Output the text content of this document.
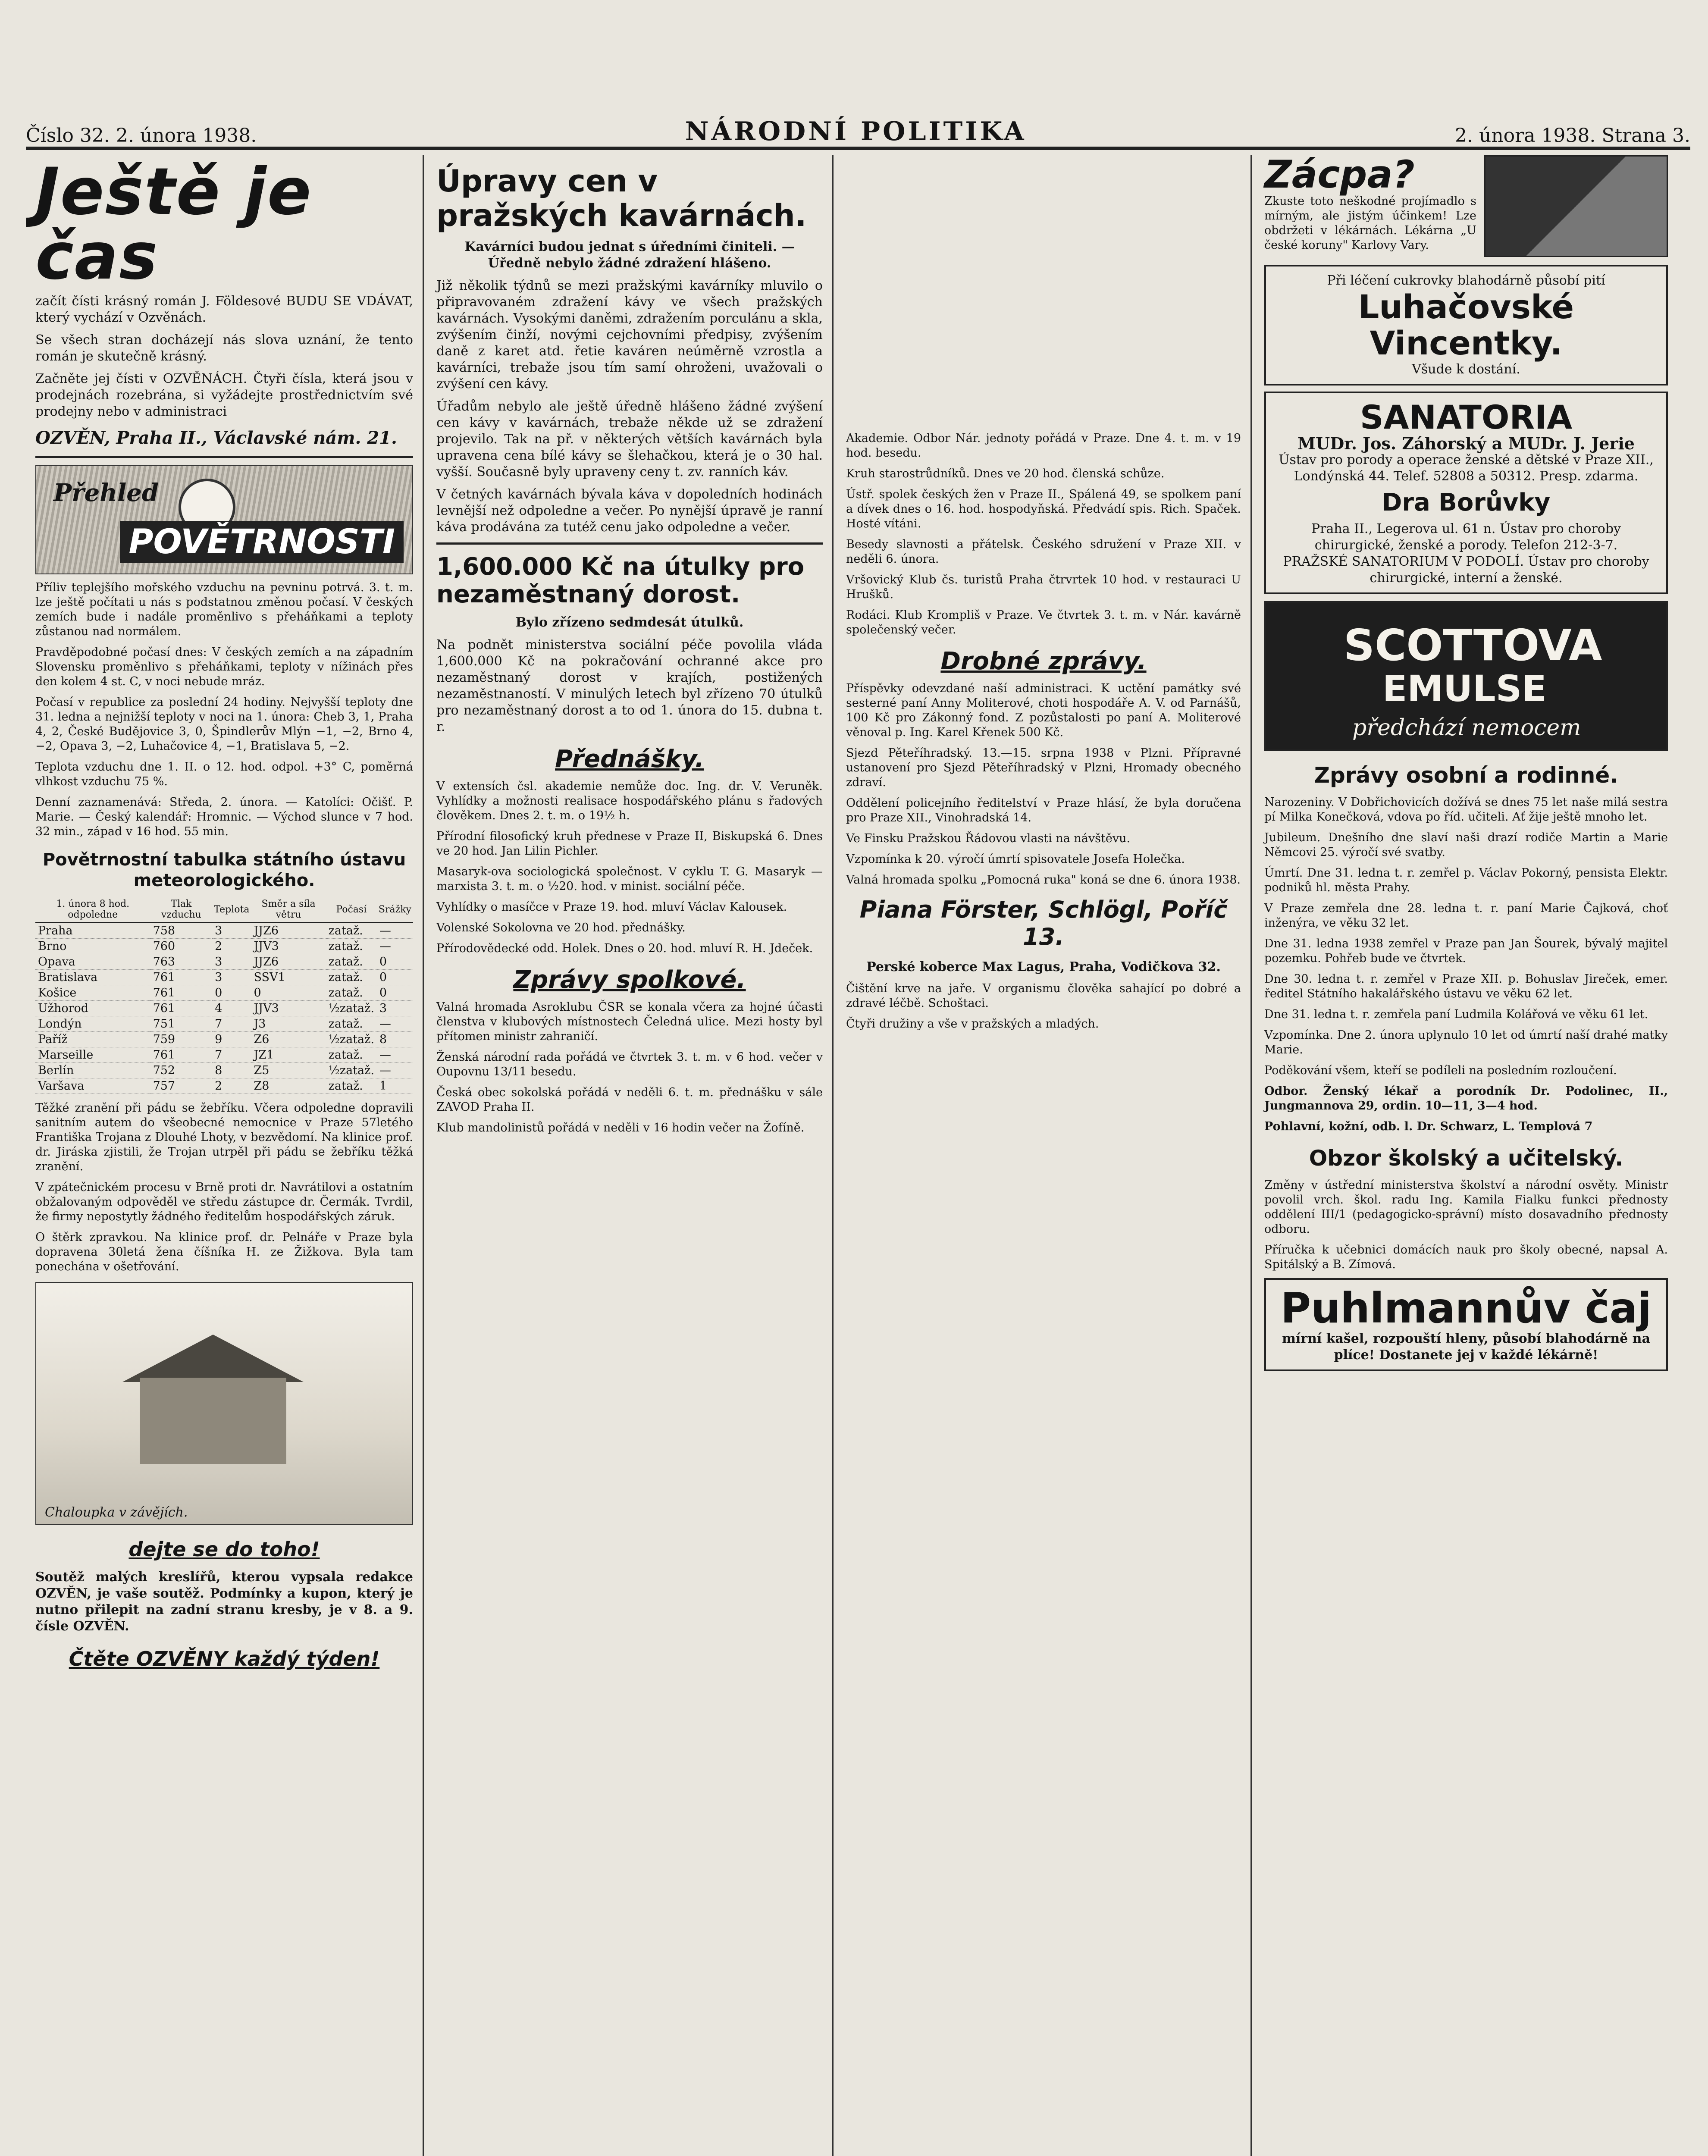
Číslo 32. 2. února 1938.	NÁRODNÍ POLITIKA	2. února 1938. Strana 3.
Ještě je čas

začít čísti krásný román J. Földesové BUDU SE VDÁVAT, který vychází v Ozvěnách.

Se všech stran docházejí nás slova uznání, že tento román je skutečně krásný.

Začněte jej čísti v OZVĚNÁCH. Čtyři čísla, která jsou v prodejnách rozebrána, si vyžádejte prostřednictvím své prodejny nebo v administraci

OZVĚN, Praha II., Václavské nám. 21.
Přehled
POVĚTRNOSTI

Příliv teplejšího mořského vzduchu na pevninu potrvá. 3. t. m. lze ještě počítati u nás s podstatnou změnou počasí. V českých zemích bude i nadále proměnlivo s přeháňkami a teploty zůstanou nad normálem.

Pravděpodobné počasí dnes: V českých zemích a na západním Slovensku proměnlivo s přeháňkami, teploty v nížinách přes den kolem 4 st. C, v noci nebude mráz.

Počasí v republice za poslední 24 hodiny. Nejvyšší teploty dne 31. ledna a nejnižší teploty v noci na 1. února: Cheb 3, 1, Praha 4, 2, České Budějovice 3, 0, Špindlerův Mlýn −1, −2, Brno 4, −2, Opava 3, −2, Luhačovice 4, −1, Bratislava 5, −2.

Teplota vzduchu dne 1. II. o 12. hod. odpol. +3° C, poměrná vlhkost vzduchu 75 %.

Denní zaznamenává: Středa, 2. února. — Katolíci: Očišť. P. Marie. — Český kalendář: Hromnic. — Východ slunce v 7 hod. 32 min., západ v 16 hod. 55 min.

Povětrnostní tabulka státního ústavu meteorologického.
1. února 8 hod. odpoledne	Tlak vzduchu	Teplota	Směr a síla větru	Počasí	Srážky
Praha	758	3	JJZ6	zataž.	—
Brno	760	2	JJV3	zataž.	—
Opava	763	3	JJZ6	zataž.	0
Bratislava	761	3	SSV1	zataž.	0
Košice	761	0	0	zataž.	0
Užhorod	761	4	JJV3	½zataž.	3
Londýn	751	7	J3	zataž.	—
Paříž	759	9	Z6	½zataž.	8
Marseille	761	7	JZ1	zataž.	—
Berlín	752	8	Z5	½zataž.	—
Varšava	757	2	Z8	zataž.	1

Těžké zranění při pádu se žebříku. Včera odpoledne dopravili sanitním autem do všeobecné nemocnice v Praze 57letého Františka Trojana z Dlouhé Lhoty, v bezvědomí. Na klinice prof. dr. Jiráska zjistili, že Trojan utrpěl při pádu se žebříku těžká zranění.

V zpátečnickém procesu v Brně proti dr. Navrátilovi a ostatním obžalovaným odpověděl ve středu zástupce dr. Čermák. Tvrdil, že firmy nepostytly žádného ředitelům hospodářských záruk.

O štěrk zpravkou. Na klinice prof. dr. Pelnáře v Praze byla dopravena 30letá žena číšníka H. ze Žižkova. Byla tam ponechána v ošetřování.

Chaloupka v závějích.
dejte se do toho!

Soutěž malých kreslířů, kterou vypsala redakce OZVĚN, je vaše soutěž. Podmínky a kupon, který je nutno přilepit na zadní stranu kresby, je v 8. a 9. čísle OZVĚN.

Čtěte OZVĚNY každý týden!
Úpravy cen v pražských kavárnách.

Kavárníci budou jednat s úředními činiteli. — Úředně nebylo žádné zdražení hlášeno.

Již několik týdnů se mezi pražskými kavárníky mluvilo o připravovaném zdražení kávy ve všech pražských kavárnách. Vysokými daněmi, zdražením porculánu a skla, zvýšením činží, novými cejchovními předpisy, zvýšením daně z karet atd. řetie kaváren neúměrně vzrostla a kavárníci, trebaže jsou tím samí ohroženi, uvažovali o zvýšení cen kávy.

Úřadům nebylo ale ještě úředně hlášeno žádné zvýšení cen kávy v kavárnách, trebaže někde už se zdražení projevilo. Tak na př. v některých větších kavárnách byla upravena cena bílé kávy se šlehačkou, která je o 30 hal. vyšší. Současně byly upraveny ceny t. zv. ranních káv.

V četných kavárnách bývala káva v dopoledních hodinách levnější než odpoledne a večer. Po nynější úpravě je ranní káva prodávána za tutéž cenu jako odpoledne a večer.

1,600.000 Kč na útulky pro nezaměstnaný dorost.

Bylo zřízeno sedmdesát útulků.

Na podnět ministerstva sociální péče povolila vláda 1,600.000 Kč na pokračování ochranné akce pro nezaměstnaný dorost v krajích, postižených nezaměstnaností. V minulých letech byl zřízeno 70 útulků pro nezaměstnaný dorost a to od 1. února do 15. dubna t. r.

Přednášky.

V extensích čsl. akademie nemůže doc. Ing. dr. V. Veruněk. Vyhlídky a možnosti realisace hospodářského plánu s řadových člověkem. Dnes 2. t. m. o 19½ h.

Přírodní filosofický kruh přednese v Praze II, Biskupská 6. Dnes ve 20 hod. Jan Lilin Pichler.

Masaryk-ova sociologická společnost. V cyklu T. G. Masaryk — marxista 3. t. m. o ½20. hod. v minist. sociální péče.

Vyhlídky o masíčce v Praze 19. hod. mluví Václav Kalousek.

Volenské Sokolovna ve 20 hod. přednášky.

Přírodovědecké odd. Holek. Dnes o 20. hod. mluví R. H. Jdeček.

Zprávy spolkové.

Valná hromada Asroklubu ČSR se konala včera za hojné účasti členstva v klubových místnostech Čeledná ulice. Mezi hosty byl přítomen ministr zahraničí.

Ženská národní rada pořádá ve čtvrtek 3. t. m. v 6 hod. večer v Oupovnu 13/11 besedu.

Česká obec sokolská pořádá v neděli 6. t. m. přednášku v sále ZAVOD Praha II.

Klub mandolinistů pořádá v neděli v 16 hodin večer na Žofíně.

Akademie. Odbor Nár. jednoty pořádá v Praze. Dne 4. t. m. v 19 hod. besedu.

Kruh starostrůdníků. Dnes ve 20 hod. členská schůze.

Ústř. spolek českých žen v Praze II., Spálená 49, se spolkem paní a dívek dnes o 16. hod. hospodyňská. Předvádí spis. Rich. Spaček. Hosté vítáni.

Besedy slavnosti a přátelsk. Českého sdružení v Praze XII. v neděli 6. února.

Vršovický Klub čs. turistů Praha čtrvrtek 10 hod. v restauraci U Hrušků.

Rodáci. Klub Krompliš v Praze. Ve čtvrtek 3. t. m. v Nár. kavárně společenský večer.

Drobné zprávy.

Příspěvky odevzdané naší administraci. K uctění památky své sesterné paní Anny Moliterové, choti hospodáře A. V. od Parnášů, 100 Kč pro Zákonný fond. Z pozůstalosti po paní A. Moliterové věnoval p. Ing. Karel Křenek 500 Kč.

Sjezd Pěteříhradský. 13.—15. srpna 1938 v Plzni. Přípravné ustanovení pro Sjezd Pěteříhradský v Plzni, Hromady obecného zdraví.

Oddělení policejního ředitelství v Praze hlásí, že byla doručena pro Praze XII., Vinohradská 14.

Ve Finsku Pražskou Řádovou vlasti na návštěvu.

Vzpomínka k 20. výročí úmrtí spisovatele Josefa Holečka.

Valná hromada spolku „Pomocná ruka" koná se dne 6. února 1938.

Piana Förster, Schlögl, Poříč 13.

Perské koberce Max Lagus, Praha, Vodičkova 32.

Čištění krve na jaře. V organismu člověka sahající po dobré a zdravé léčbě. Schoštaci.

Čtyři družiny a vše v pražských a mladých.

Zácpa?

Zkuste toto neškodné projímadlo s mírným, ale jistým účinkem! Lze obdržeti v lékárnách. Lékárna „U české koruny" Karlovy Vary.

Při léčení cukrovky blahodárně působí pití
Luhačovské Vincentky.
Všude k dostání.
SANATORIA
MUDr. Jos. Záhorský a MUDr. J. Jerie
Ústav pro porody a operace ženské a dětské v Praze XII., Londýnská 44. Telef. 52808 a 50312. Presp. zdarma.
Dra Borůvky
Praha II., Legerova ul. 61 n. Ústav pro choroby chirurgické, ženské a porody. Telefon 212-3-7.
PRAŽSKÉ SANATORIUM V PODOLÍ. Ústav pro choroby chirurgické, interní a ženské.
SCOTTOVA
EMULSE
předchází nemocem
Zprávy osobní a rodinné.

Narozeniny. V Dobřichovicích dožívá se dnes 75 let naše milá sestra pí Milka Konečková, vdova po říd. učiteli. Ať žije ještě mnoho let.

Jubileum. Dnešního dne slaví naši drazí rodiče Martin a Marie Němcovi 25. výročí své svatby.

Úmrtí. Dne 31. ledna t. r. zemřel p. Václav Pokorný, pensista Elektr. podniků hl. města Prahy.

V Praze zemřela dne 28. ledna t. r. paní Marie Čajková, choť inženýra, ve věku 32 let.

Dne 31. ledna 1938 zemřel v Praze pan Jan Šourek, bývalý majitel pozemku. Pohřeb bude ve čtvrtek.

Dne 30. ledna t. r. zemřel v Praze XII. p. Bohuslav Jireček, emer. ředitel Státního hakalářského ústavu ve věku 62 let.

Dne 31. ledna t. r. zemřela paní Ludmila Kolářová ve věku 61 let.

Vzpomínka. Dne 2. února uplynulo 10 let od úmrtí naší drahé matky Marie.

Poděkování všem, kteří se podíleli na posledním rozloučení.

Odbor. Ženský lékař a porodník Dr. Podolinec, II., Jungmannova 29, ordin. 10—11, 3—4 hod.

Pohlavní, kožní, odb. l. Dr. Schwarz, L. Templová 7

Obzor školský a učitelský.

Změny v ústřední ministerstva školství a národní osvěty. Ministr povolil vrch. škol. radu Ing. Kamila Fialku funkci přednosty oddělení III/1 (pedagogicko-správní) místo dosavadního přednosty odboru.

Příručka k učebnici domácích nauk pro školy obecné, napsal A. Spitálský a B. Zímová.

Puhlmannův čaj
mírní kašel, rozpouští hleny, působí blahodárně na plíce! Dostanete jej v každé lékárně!
